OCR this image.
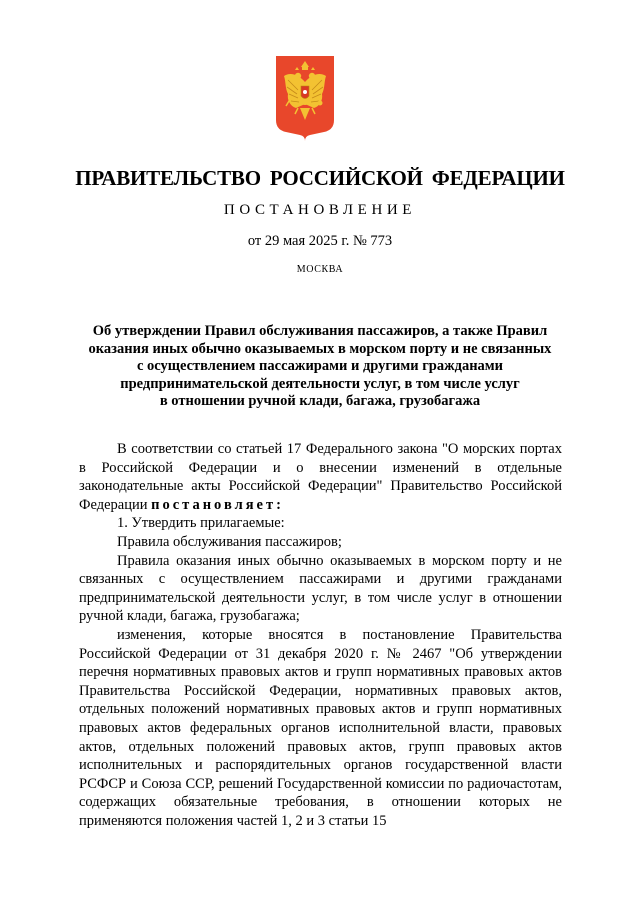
ПРАВИТЕЛЬСТВО РОССИЙСКОЙ ФЕДЕРАЦИИ
ПОСТАНОВЛЕНИЕ
от 29 мая 2025 г. № 773
МОСКВА
Об утверждении Правил обслуживания пассажиров, а также Правил
оказания иных обычно оказываемых в морском порту и не связанных
с осуществлением пассажирами и другими гражданами
предпринимательской деятельности услуг, в том числе услуг
в отношении ручной клади, багажа, грузобагажа

В соответствии со статьей 17 Федерального закона "О морских портах в Российской Федерации и о внесении изменений в отдельные законодательные акты Российской Федерации" Правительство Российской Федерации постановляет:

1. Утвердить прилагаемые:

Правила обслуживания пассажиров;

Правила оказания иных обычно оказываемых в морском порту и не связанных с осуществлением пассажирами и другими гражданами предпринимательской деятельности услуг, в том числе услуг в отношении ручной клади, багажа, грузобагажа;

изменения, которые вносятся в постановление Правительства Российской Федерации от 31 декабря 2020 г. № 2467 "Об утверждении перечня нормативных правовых актов и групп нормативных правовых актов Правительства Российской Федерации, нормативных правовых актов, отдельных положений нормативных правовых актов и групп нормативных правовых актов федеральных органов исполнительной власти, правовых актов, отдельных положений правовых актов, групп правовых актов исполнительных и распорядительных органов государственной власти РСФСР и Союза ССР, решений Государственной комиссии по радиочастотам, содержащих обязательные требования, в отношении которых не применяются положения частей 1, 2 и 3 статьи 15
